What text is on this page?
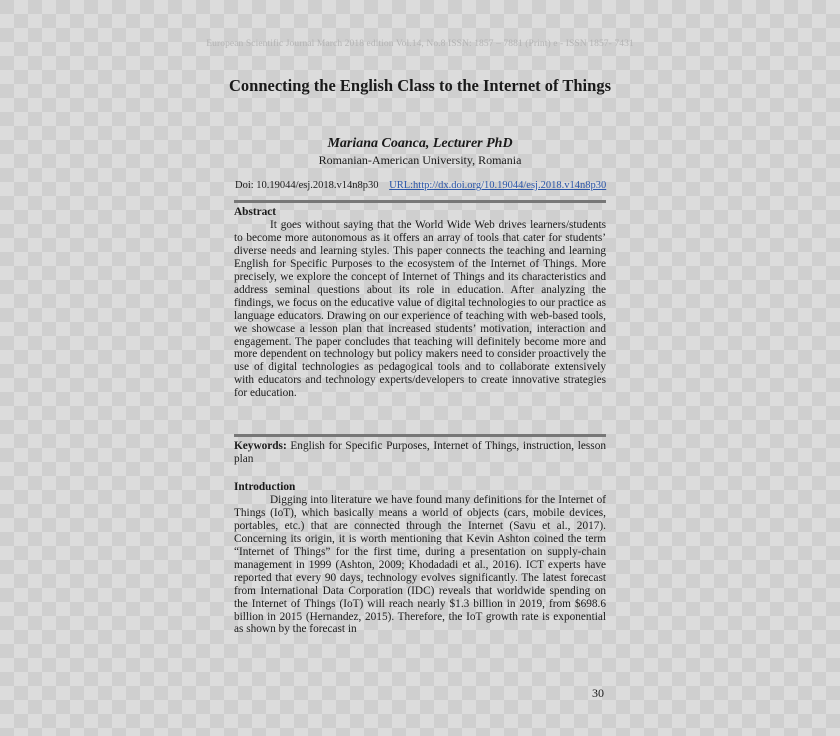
European Scientific Journal March 2018 edition Vol.14, No.8 ISSN: 1857 – 7881 (Print) e - ISSN 1857- 7431
Connecting the English Class to the Internet of Things
Mariana Coanca, Lecturer PhD
Romanian-American University, Romania
Doi: 10.19044/esj.2018.v14n8p30 URL:http://dx.doi.org/10.19044/esj.2018.v14n8p30
Abstract
It goes without saying that the World Wide Web drives learners/students to become more autonomous as it offers an array of tools that cater for students’ diverse needs and learning styles. This paper connects the teaching and learning English for Specific Purposes to the ecosystem of the Internet of Things. More precisely, we explore the concept of Internet of Things and its characteristics and address seminal questions about its role in education. After analyzing the findings, we focus on the educative value of digital technologies to our practice as language educators. Drawing on our experience of teaching with web-based tools, we showcase a lesson plan that increased students’ motivation, interaction and engagement. The paper concludes that teaching will definitely become more and more dependent on technology but policy makers need to consider proactively the use of digital technologies as pedagogical tools and to collaborate extensively with educators and technology experts/developers to create innovative strategies for education.
Keywords: English for Specific Purposes, Internet of Things, instruction, lesson plan
Introduction
Digging into literature we have found many definitions for the Internet of Things (IoT), which basically means a world of objects (cars, mobile devices, portables, etc.) that are connected through the Internet (Savu et al., 2017). Concerning its origin, it is worth mentioning that Kevin Ashton coined the term “Internet of Things” for the first time, during a presentation on supply-chain management in 1999 (Ashton, 2009; Khodadadi et al., 2016). ICT experts have reported that every 90 days, technology evolves significantly. The latest forecast from International Data Corporation (IDC) reveals that worldwide spending on the Internet of Things (IoT) will reach nearly $1.3 billion in 2019, from $698.6 billion in 2015 (Hernandez, 2015). Therefore, the IoT growth rate is exponential as shown by the forecast in
30
